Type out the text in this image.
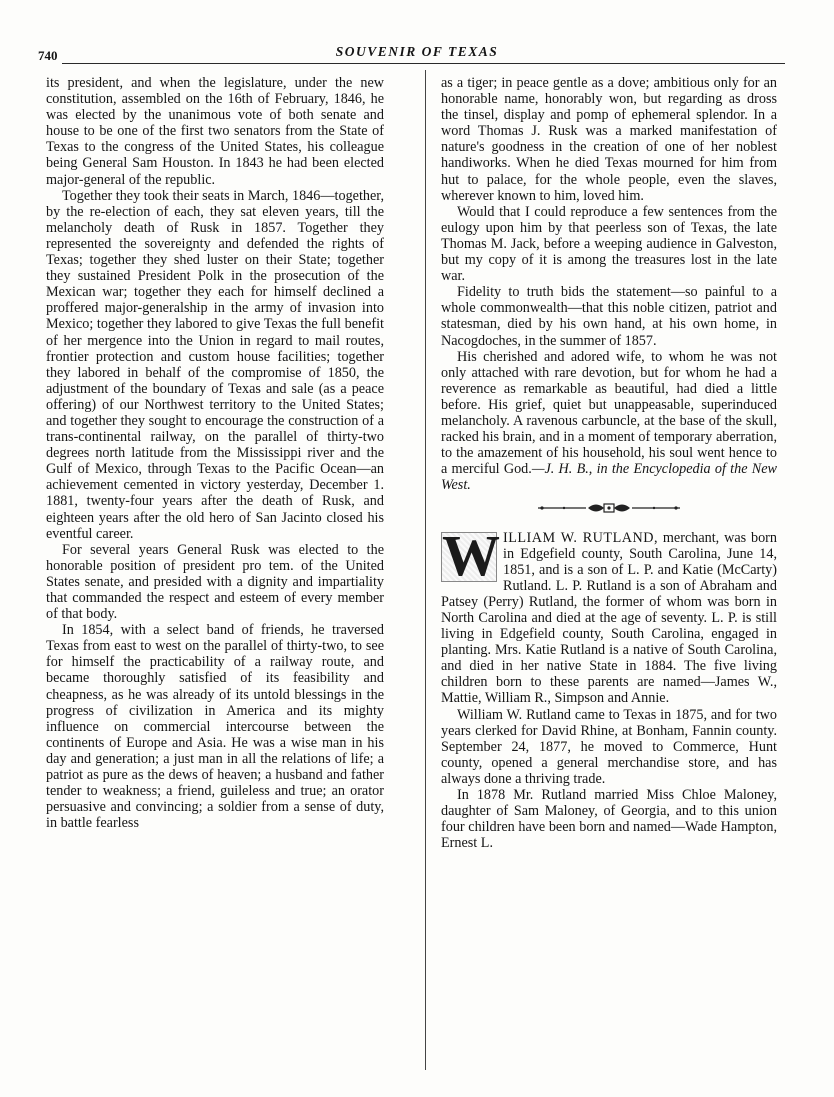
740	SOUVENIR OF TEXAS

its president, and when the legislature, under the new constitution, assembled on the 16th of February, 1846, he was elected by the unanimous vote of both senate and house to be one of the first two senators from the State of Texas to the congress of the United States, his colleague being General Sam Houston. In 1843 he had been elected major-general of the republic.

Together they took their seats in March, 1846—together, by the re-election of each, they sat eleven years, till the melancholy death of Rusk in 1857. Together they represented the sovereignty and defended the rights of Texas; together they shed luster on their State; together they sustained President Polk in the prosecution of the Mexican war; together they each for himself declined a proffered major-generalship in the army of invasion into Mexico; together they labored to give Texas the full benefit of her mergence into the Union in regard to mail routes, frontier protection and custom house facilities; together they labored in behalf of the compromise of 1850, the adjustment of the boundary of Texas and sale (as a peace offering) of our Northwest territory to the United States; and together they sought to encourage the construction of a trans-continental railway, on the parallel of thirty-two degrees north latitude from the Mississippi river and the Gulf of Mexico, through Texas to the Pacific Ocean—an achievement cemented in victory yesterday, December 1. 1881, twenty-four years after the death of Rusk, and eighteen years after the old hero of San Jacinto closed his eventful career.

For several years General Rusk was elected to the honorable position of president pro tem. of the United States senate, and presided with a dignity and impartiality that commanded the respect and esteem of every member of that body.

In 1854, with a select band of friends, he traversed Texas from east to west on the parallel of thirty-two, to see for himself the practicability of a railway route, and became thoroughly satisfied of its feasibility and cheapness, as he was already of its untold blessings in the progress of civilization in America and its mighty influence on commercial intercourse between the continents of Europe and Asia. He was a wise man in his day and generation; a just man in all the relations of life; a patriot as pure as the dews of heaven; a husband and father tender to weakness; a friend, guileless and true; an orator persuasive and convincing; a soldier from a sense of duty, in battle fearless

as a tiger; in peace gentle as a dove; ambitious only for an honorable name, honorably won, but regarding as dross the tinsel, display and pomp of ephemeral splendor. In a word Thomas J. Rusk was a marked manifestation of nature's goodness in the creation of one of her noblest handiworks. When he died Texas mourned for him from hut to palace, for the whole people, even the slaves, wherever known to him, loved him.

Would that I could reproduce a few sentences from the eulogy upon him by that peerless son of Texas, the late Thomas M. Jack, before a weeping audience in Galveston, but my copy of it is among the treasures lost in the late war.

Fidelity to truth bids the statement—so painful to a whole commonwealth—that this noble citizen, patriot and statesman, died by his own hand, at his own home, in Nacogdoches, in the summer of 1857.

His cherished and adored wife, to whom he was not only attached with rare devotion, but for whom he had a reverence as remarkable as beautiful, had died a little before. His grief, quiet but unappeasable, superinduced melancholy. A ravenous carbuncle, at the base of the skull, racked his brain, and in a moment of temporary aberration, to the amazement of his household, his soul went hence to a merciful God.—J. H. B., in the Encyclopedia of the New West.

W ILLIAM W. RUTLAND, merchant, was born in Edgefield county, South Carolina, June 14, 1851, and is a son of L. P. and Katie (McCarty) Rutland. L. P. Rutland is a son of Abraham and Patsey (Perry) Rutland, the former of whom was born in North Carolina and died at the age of seventy. L. P. is still living in Edgefield county, South Carolina, engaged in planting. Mrs. Katie Rutland is a native of South Carolina, and died in her native State in 1884. The five living children born to these parents are named—James W., Mattie, William R., Simpson and Annie.

William W. Rutland came to Texas in 1875, and for two years clerked for David Rhine, at Bonham, Fannin county. September 24, 1877, he moved to Commerce, Hunt county, opened a general merchandise store, and has always done a thriving trade.

In 1878 Mr. Rutland married Miss Chloe Maloney, daughter of Sam Maloney, of Georgia, and to this union four children have been born and named—Wade Hampton, Ernest L.
